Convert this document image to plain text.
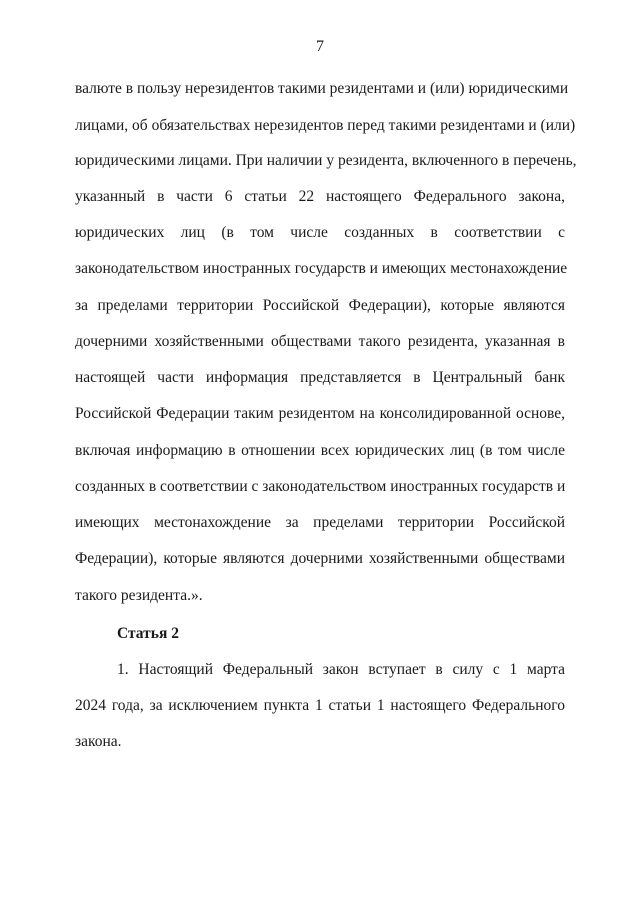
7
валюте в пользу нерезидентов такими резидентами и (или) юридическими
лицами, об обязательствах нерезидентов перед такими резидентами и (или)
юридическими лицами. При наличии у резидента, включенного в перечень,
указанный в части 6 статьи 22 настоящего Федерального закона,
юридических лиц (в том числе созданных в соответствии с
законодательством иностранных государств и имеющих местонахождение
за пределами территории Российской Федерации), которые являются
дочерними хозяйственными обществами такого резидента, указанная в
настоящей части информация представляется в Центральный банк
Российской Федерации таким резидентом на консолидированной основе,
включая информацию в отношении всех юридических лиц (в том числе
созданных в соответствии с законодательством иностранных государств и
имеющих местонахождение за пределами территории Российской
Федерации), которые являются дочерними хозяйственными обществами
такого резидента.».
Статья 2
1. Настоящий Федеральный закон вступает в силу с 1 марта
2024 года, за исключением пункта 1 статьи 1 настоящего Федерального
закона.
